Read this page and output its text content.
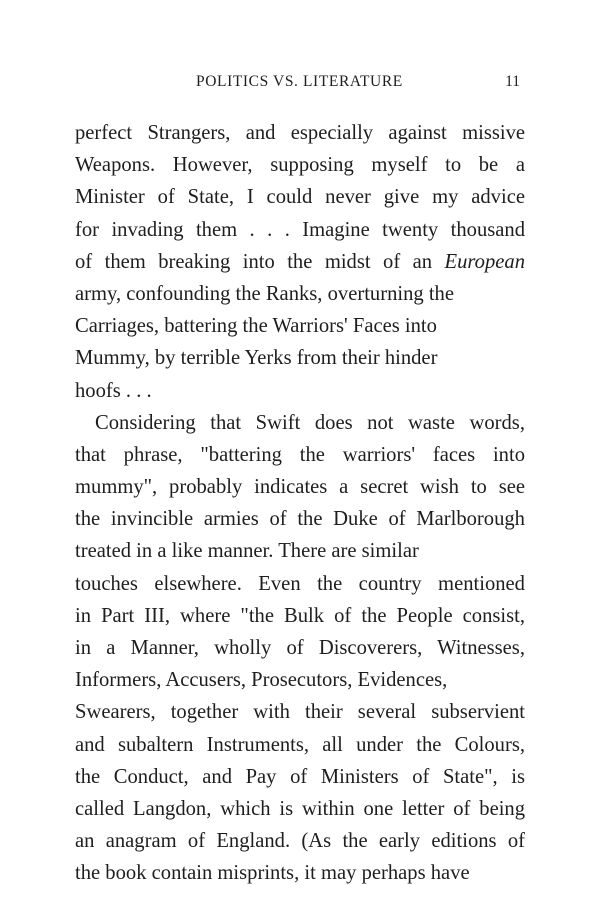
POLITICS VS. LITERATURE	11
perfect Strangers, and especially against missive
Weapons. However, supposing myself to be a
Minister of State, I could never give my advice
for invading them . . . Imagine twenty thousand
of them breaking into the midst of an European
army, confounding the Ranks, overturning the
Carriages, battering the Warriors' Faces into
Mummy, by terrible Yerks from their hinder
hoofs . . .
Considering that Swift does not waste words,
that phrase, "battering the warriors' faces into
mummy", probably indicates a secret wish to see
the invincible armies of the Duke of Marlborough
treated in a like manner. There are similar
touches elsewhere. Even the country mentioned
in Part III, where "the Bulk of the People consist,
in a Manner, wholly of Discoverers, Witnesses,
Informers, Accusers, Prosecutors, Evidences,
Swearers, together with their several subservient
and subaltern Instruments, all under the Colours,
the Conduct, and Pay of Ministers of State", is
called Langdon, which is within one letter of being
an anagram of England. (As the early editions of
the book contain misprints, it may perhaps have
